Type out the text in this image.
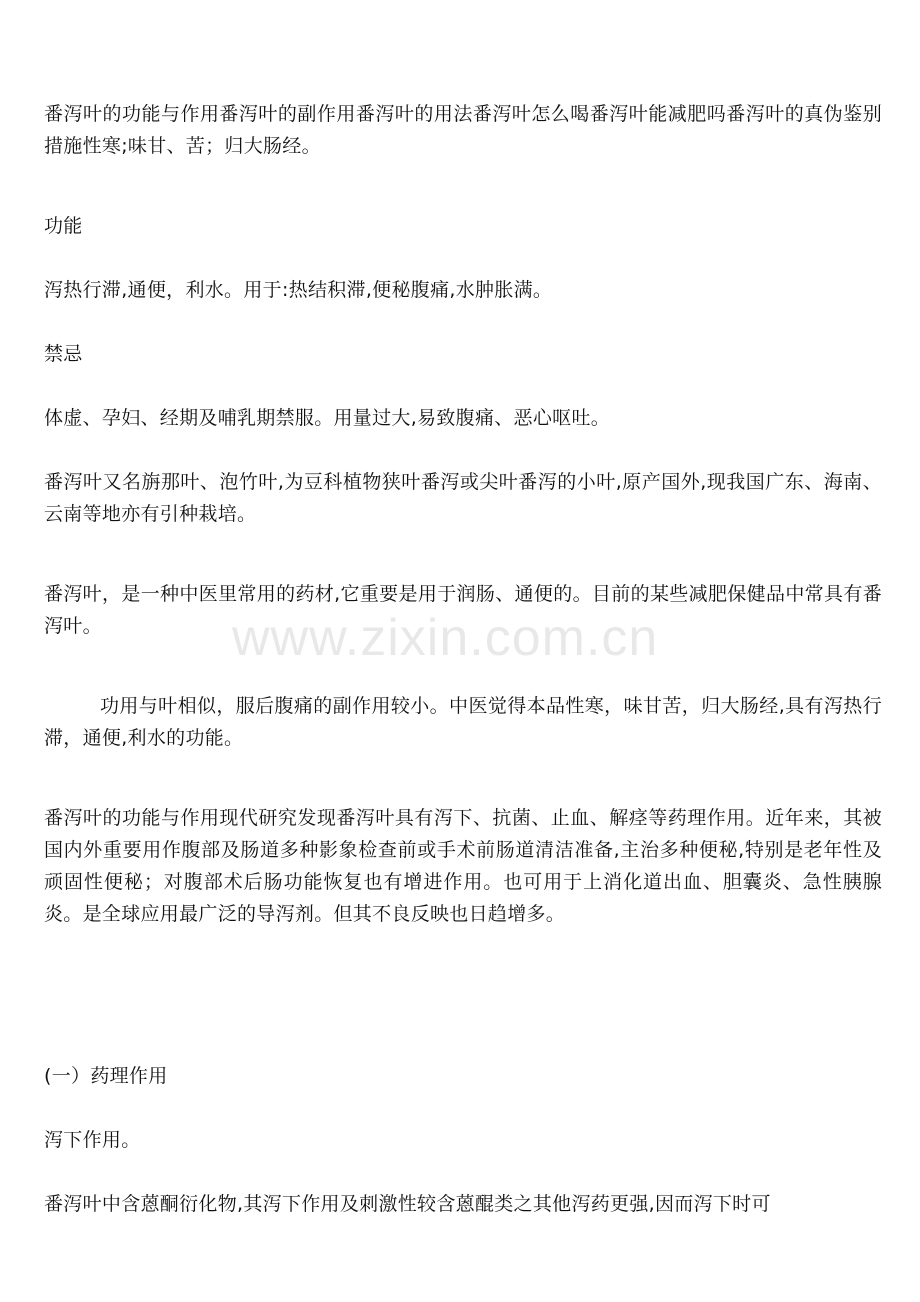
番泻叶的功能与作用番泻叶的副作用番泻叶的用法番泻叶怎么喝番泻叶能减肥吗番泻叶的真伪鉴别措施性寒;味甘、苦；归大肠经。

功能

泻热行滞,通便，利水。用于:热结积滞,便秘腹痛,水肿胀满。

禁忌

体虚、孕妇、经期及哺乳期禁服。用量过大,易致腹痛、恶心呕吐。

番泻叶又名旃那叶、泡竹叶,为豆科植物狭叶番泻或尖叶番泻的小叶,原产国外,现我国广东、海南、云南等地亦有引种栽培。

番泻叶，是一种中医里常用的药材,它重要是用于润肠、通便的。目前的某些减肥保健品中常具有番泻叶。

功用与叶相似，服后腹痛的副作用较小。中医觉得本品性寒，味甘苦，归大肠经,具有泻热行滞，通便,利水的功能。

番泻叶的功能与作用现代研究发现番泻叶具有泻下、抗菌、止血、解痉等药理作用。近年来，其被国内外重要用作腹部及肠道多种影象检查前或手术前肠道清洁准备,主治多种便秘,特别是老年性及顽固性便秘；对腹部术后肠功能恢复也有增进作用。也可用于上消化道出血、胆囊炎、急性胰腺炎。是全球应用最广泛的导泻剂。但其不良反映也日趋增多。

(一）药理作用

泻下作用。

番泻叶中含蒽酮衍化物,其泻下作用及刺激性较含蒽醌类之其他泻药更强,因而泻下时可

www.zixin.com.cn
